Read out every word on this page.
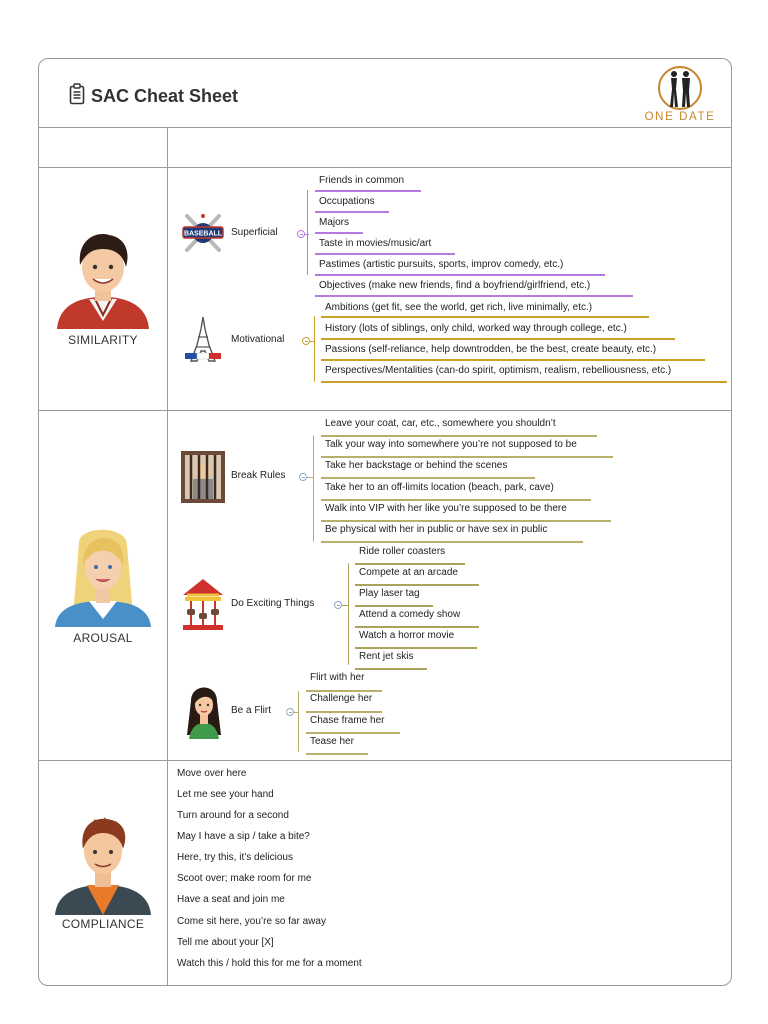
SAC Cheat Sheet
ONE DATE
SIMILARITY
BASEBALL Superficial
Friends in common
Occupations
Majors
Taste in movies/music/art
Pastimes (artistic pursuits, sports, improv comedy, etc.)
Objectives (make new friends, find a boyfriend/girlfriend, etc.)
Motivational
Ambitions (get fit, see the world, get rich, live minimally, etc.)
History (lots of siblings, only child, worked way through college, etc.)
Passions (self-reliance, help downtrodden, be the best, create beauty, etc.)
Perspectives/Mentalities (can-do spirit, optimism, realism, rebelliousness, etc.)
AROUSAL
Break Rules
Leave your coat, car, etc., somewhere you shouldn’t
Talk your way into somewhere you’re not supposed to be
Take her backstage or behind the scenes
Take her to an off-limits location (beach, park, cave)
Walk into VIP with her like you’re supposed to be there
Be physical with her in public or have sex in public
Do Exciting Things
Ride roller coasters
Compete at an arcade
Play laser tag
Attend a comedy show
Watch a horror movie
Rent jet skis
Be a Flirt
Flirt with her
Challenge her
Chase frame her
Tease her
COMPLIANCE
Move over here
Let me see your hand
Turn around for a second
May I have a sip / take a bite?
Here, try this, it’s delicious
Scoot over; make room for me
Have a seat and join me
Come sit here, you’re so far away
Tell me about your [X]
Watch this / hold this for me for a moment
